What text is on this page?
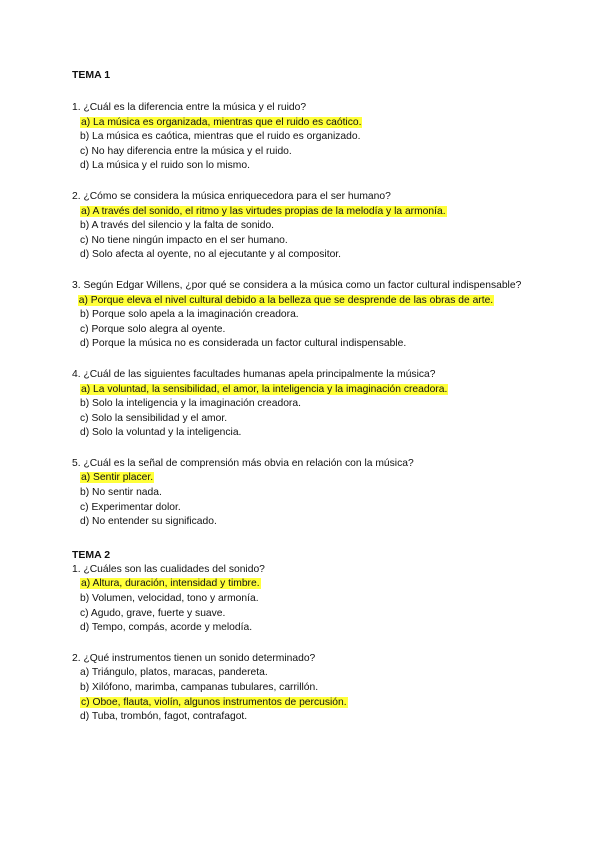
TEMA 1
1. ¿Cuál es la diferencia entre la música y el ruido?
a) La música es organizada, mientras que el ruido es caótico.
b) La música es caótica, mientras que el ruido es organizado.
c) No hay diferencia entre la música y el ruido.
d) La música y el ruido son lo mismo.
2. ¿Cómo se considera la música enriquecedora para el ser humano?
a) A través del sonido, el ritmo y las virtudes propias de la melodía y la armonía.
b) A través del silencio y la falta de sonido.
c) No tiene ningún impacto en el ser humano.
d) Solo afecta al oyente, no al ejecutante y al compositor.
3. Según Edgar Willens, ¿por qué se considera a la música como un factor cultural indispensable?
a) Porque eleva el nivel cultural debido a la belleza que se desprende de las obras de arte.
b) Porque solo apela a la imaginación creadora.
c) Porque solo alegra al oyente.
d) Porque la música no es considerada un factor cultural indispensable.
4. ¿Cuál de las siguientes facultades humanas apela principalmente la música?
a) La voluntad, la sensibilidad, el amor, la inteligencia y la imaginación creadora.
b) Solo la inteligencia y la imaginación creadora.
c) Solo la sensibilidad y el amor.
d) Solo la voluntad y la inteligencia.
5. ¿Cuál es la señal de comprensión más obvia en relación con la música?
a) Sentir placer.
b) No sentir nada.
c) Experimentar dolor.
d) No entender su significado.
TEMA 2
1. ¿Cuáles son las cualidades del sonido?
a) Altura, duración, intensidad y timbre.
b) Volumen, velocidad, tono y armonía.
c) Agudo, grave, fuerte y suave.
d) Tempo, compás, acorde y melodía.
2. ¿Qué instrumentos tienen un sonido determinado?
a) Triángulo, platos, maracas, pandereta.
b) Xilófono, marimba, campanas tubulares, carrillón.
c) Oboe, flauta, violín, algunos instrumentos de percusión.
d) Tuba, trombón, fagot, contrafagot.
